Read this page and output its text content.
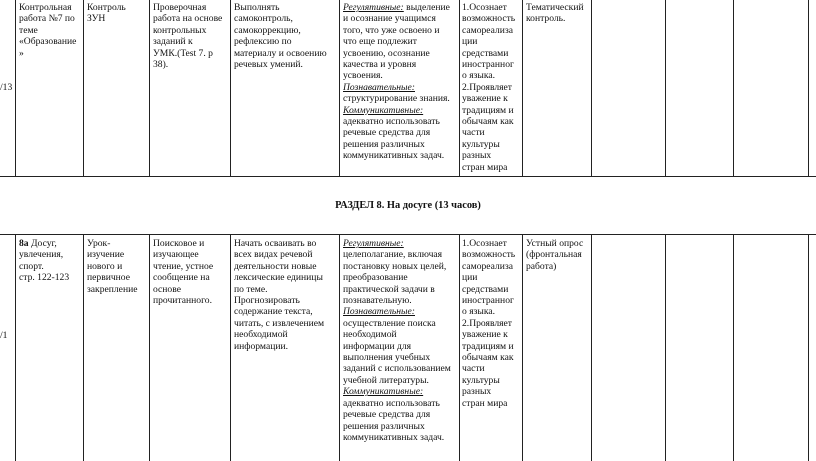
/13
Контрольная
работа №7 по
теме
«Образование
»
Контроль
ЗУН
Проверочная
работа на основе
контрольных
заданий к
УМК.(Test 7. p
38).
Выполнять
самоконтроль,
самокоррекцию,
рефлексию по
материалу и освоению
речевых умений.
Регулятивные: выделение
и осознание учащимся
того, что уже освоено и
что еще подлежит
усвоению, осознание
качества и уровня
усвоения.
Познавательные:
структурирование знания.
Коммуникативные:
адекватно использовать
речевые средства для
решения различных
коммуникативных задач.
1.Осознает
возможность
самореализа
ции
средствами
иностранног
о языка.
2.Проявляет
уважение к
традициям и
обычаям как
части
культуры
разных
стран мира
Тематический
контроль.
РАЗДЕЛ 8. На досуге (13 часов)
/1
8a Досуг,
увлечения,
спорт.
стр. 122-123
Урок-
изучение
нового и
первичное
закрепление
Поисковое и
изучающее
чтение, устное
сообщение на
основе
прочитанного.
Начать осваивать во
всех видах речевой
деятельности новые
лексические единицы
по теме.
Прогнозировать
содержание текста,
читать, с извлечением
необходимой
информации.
Регулятивные:
целеполагание, включая
постановку новых целей,
преобразование
практической задачи в
познавательную.
Познавательные:
осуществление поиска
необходимой
информации для
выполнения учебных
заданий с использованием
учебной литературы.
Коммуникативные:
адекватно использовать
речевые средства для
решения различных
коммуникативных задач.
1.Осознает
возможность
самореализа
ции
средствами
иностранног
о языка.
2.Проявляет
уважение к
традициям и
обычаям как
части
культуры
разных
стран мира
Устный опрос
(фронтальная
работа)
